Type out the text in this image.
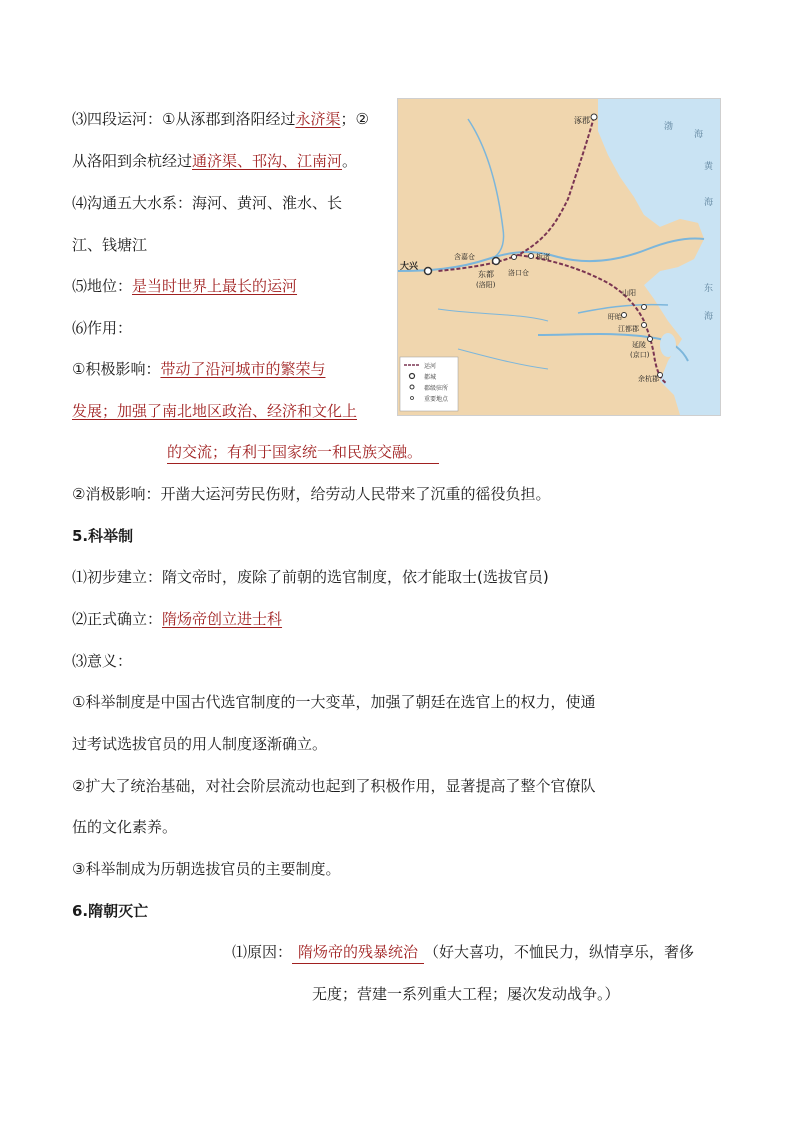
⑶四段运河：①从涿郡到洛阳经过永济渠；②
从洛阳到余杭经过通济渠、邗沟、江南河。
⑷沟通五大水系：海河、黄河、淮水、长
江、钱塘江
⑸地位：是当时世界上最长的运河
⑹作用：
①积极影响：带动了沿河城市的繁荣与
发展；加强了南北地区政治、经济和文化上
的交流；有利于国家统一和民族交融。
②消极影响：开凿大运河劳民伤财，给劳动人民带来了沉重的徭役负担。
渤
海
黄
海
东
海
涿郡
大兴
含嘉仓
东都
(洛阳)
板渚
洛口仓
山阳
盱眙
江都郡
延陵
(京口)
余杭郡
运河
都城
郡级驻所
重要地点
5.科举制
⑴初步建立：隋文帝时，废除了前朝的选官制度，依才能取士(选拔官员)
⑵正式确立：隋炀帝创立进士科
⑶意义：
①科举制度是中国古代选官制度的一大变革，加强了朝廷在选官上的权力，使通
过考试选拔官员的用人制度逐渐确立。
②扩大了统治基础，对社会阶层流动也起到了积极作用，显著提高了整个官僚队
伍的文化素养。
③科举制成为历朝选拔官员的主要制度。
6.隋朝灭亡
⑴原因： 隋炀帝的残暴统治 （好大喜功，不恤民力，纵情享乐，奢侈
无度；营建一系列重大工程；屡次发动战争。）
